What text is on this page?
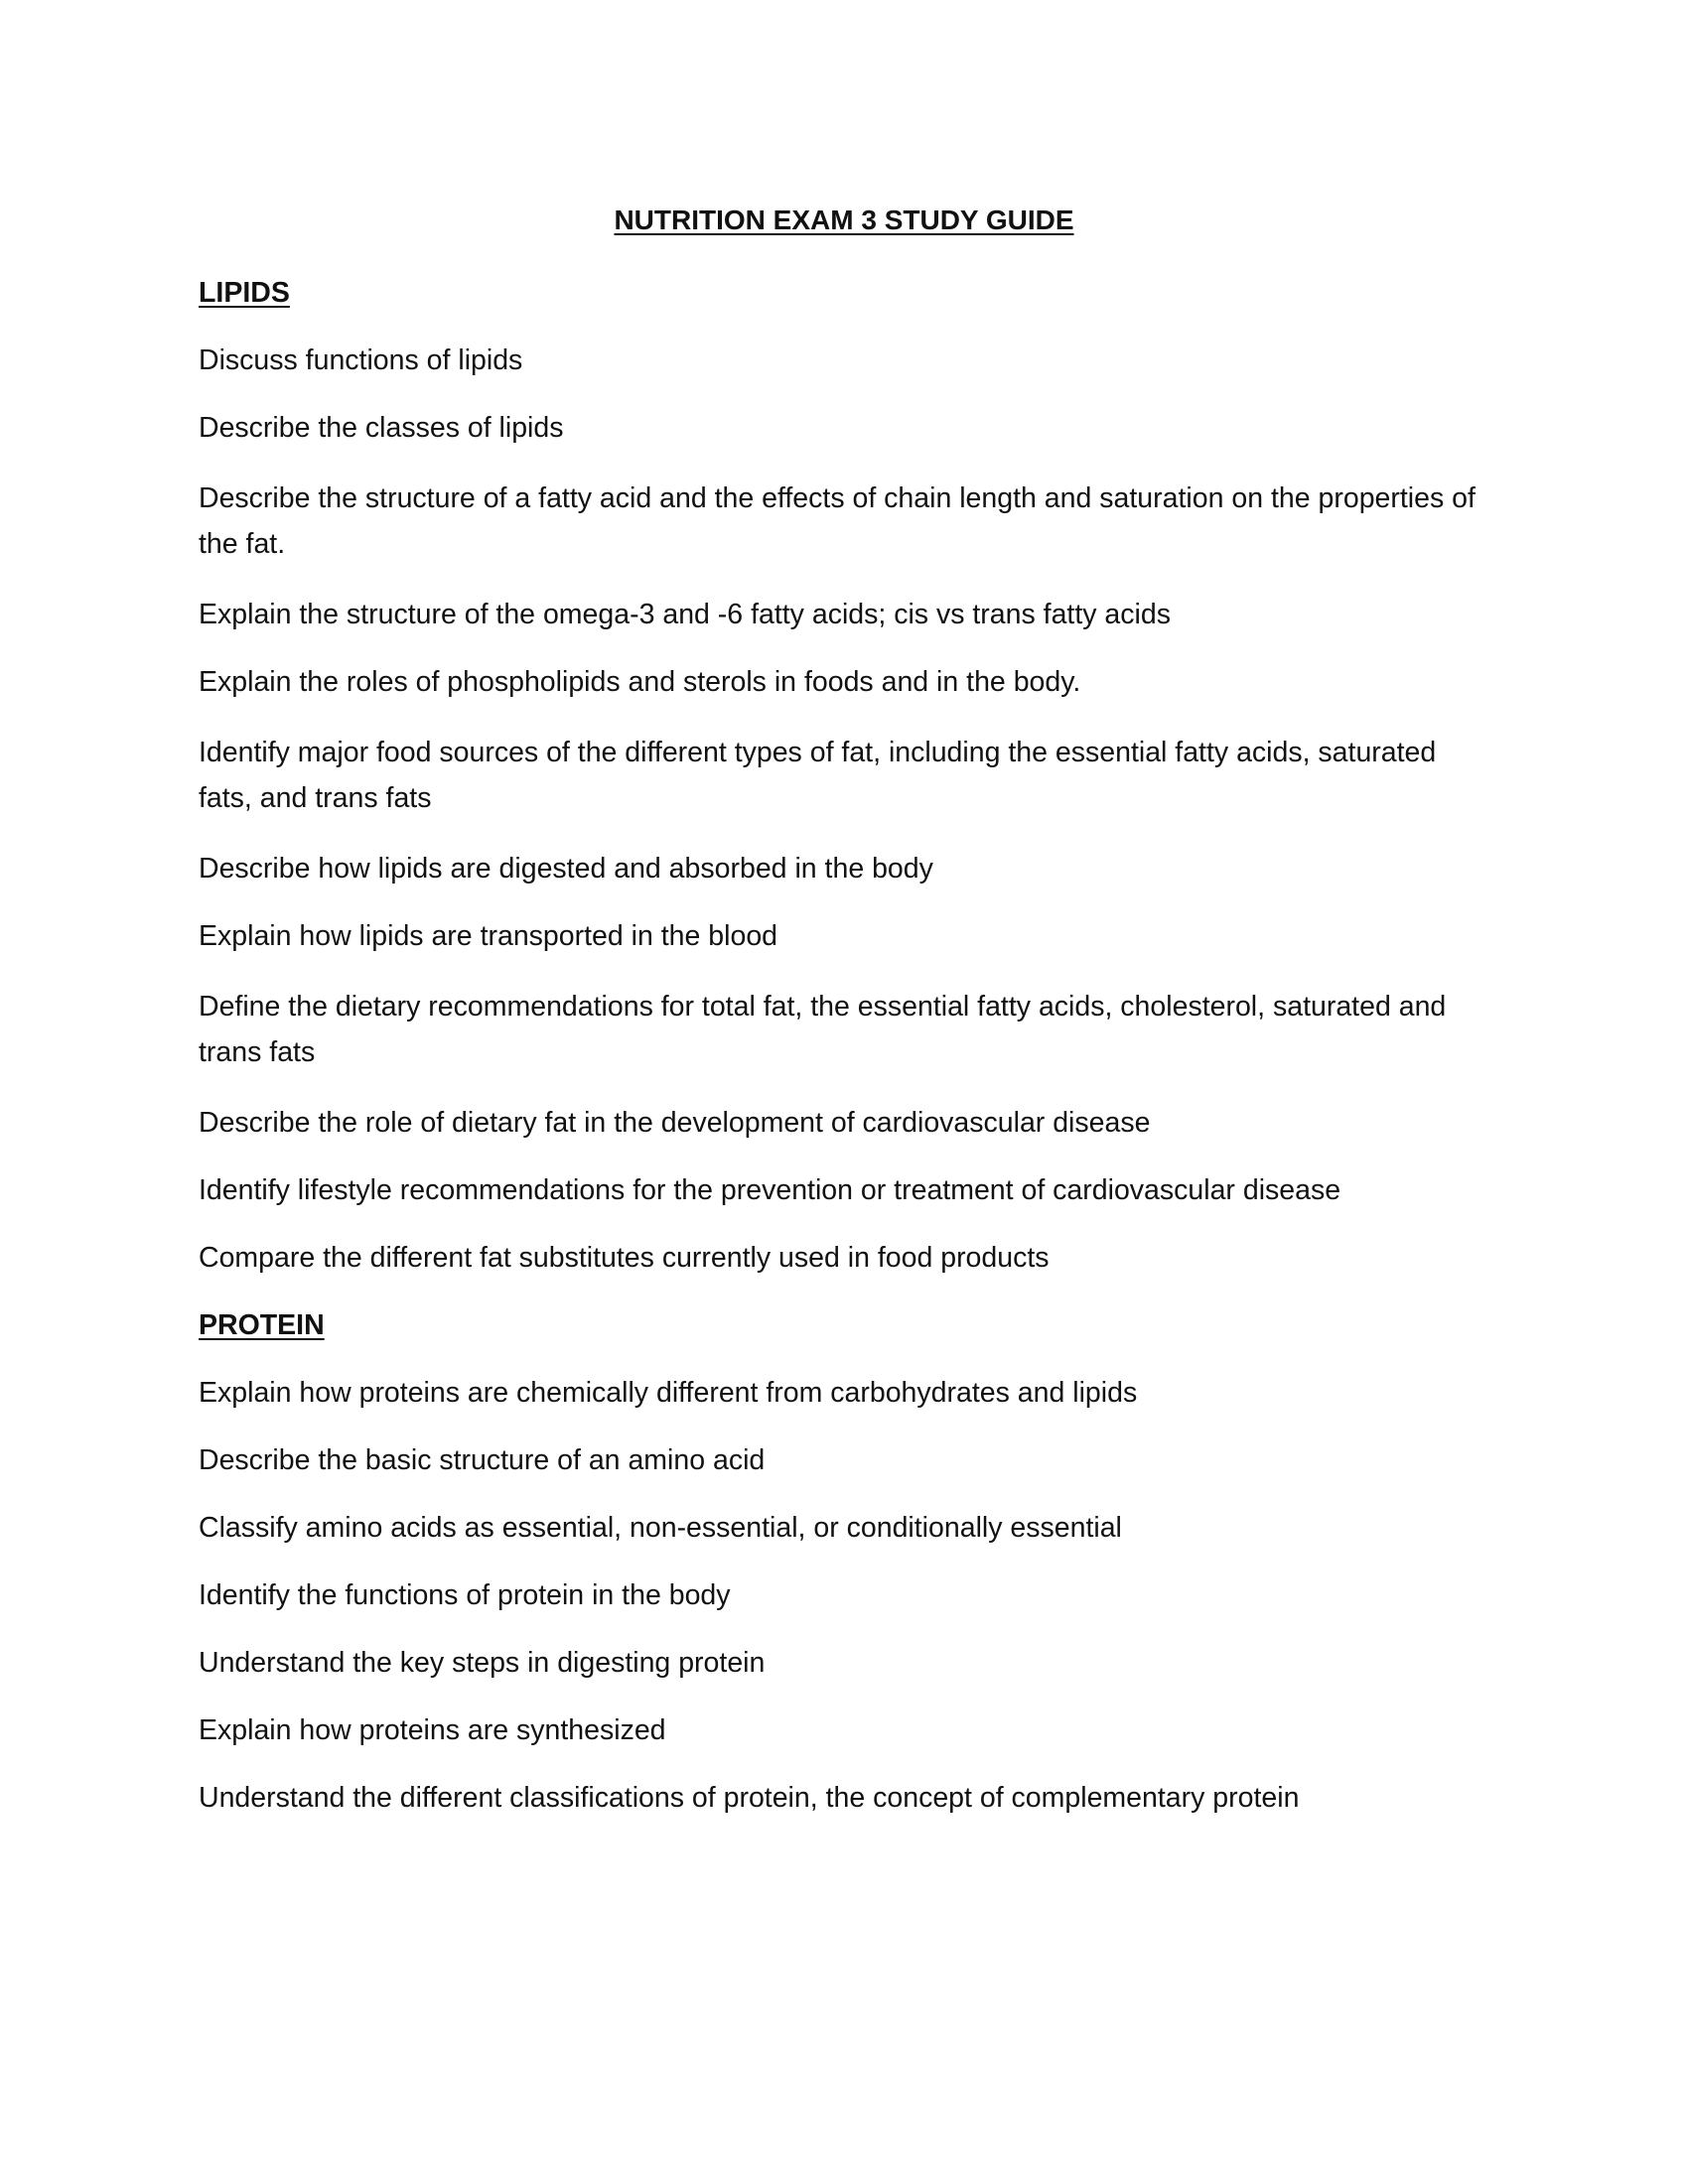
NUTRITION EXAM 3 STUDY GUIDE
LIPIDS
Discuss functions of lipids
Describe the classes of lipids
Describe the structure of a fatty acid and the effects of chain length and saturation on the properties of the fat.
Explain the structure of the omega-3 and -6 fatty acids; cis vs trans fatty acids
Explain the roles of phospholipids and sterols in foods and in the body.
Identify major food sources of the different types of fat, including the essential fatty acids, saturated fats, and trans fats
Describe how lipids are digested and absorbed in the body
Explain how lipids are transported in the blood
Define the dietary recommendations for total fat, the essential fatty acids, cholesterol, saturated and trans fats
Describe the role of dietary fat in the development of cardiovascular disease
Identify lifestyle recommendations for the prevention or treatment of cardiovascular disease
Compare the different fat substitutes currently used in food products
PROTEIN
Explain how proteins are chemically different from carbohydrates and lipids
Describe the basic structure of an amino acid
Classify amino acids as essential, non-essential, or conditionally essential
Identify the functions of protein in the body
Understand the key steps in digesting protein
Explain how proteins are synthesized
Understand the different classifications of protein, the concept of complementary protein
